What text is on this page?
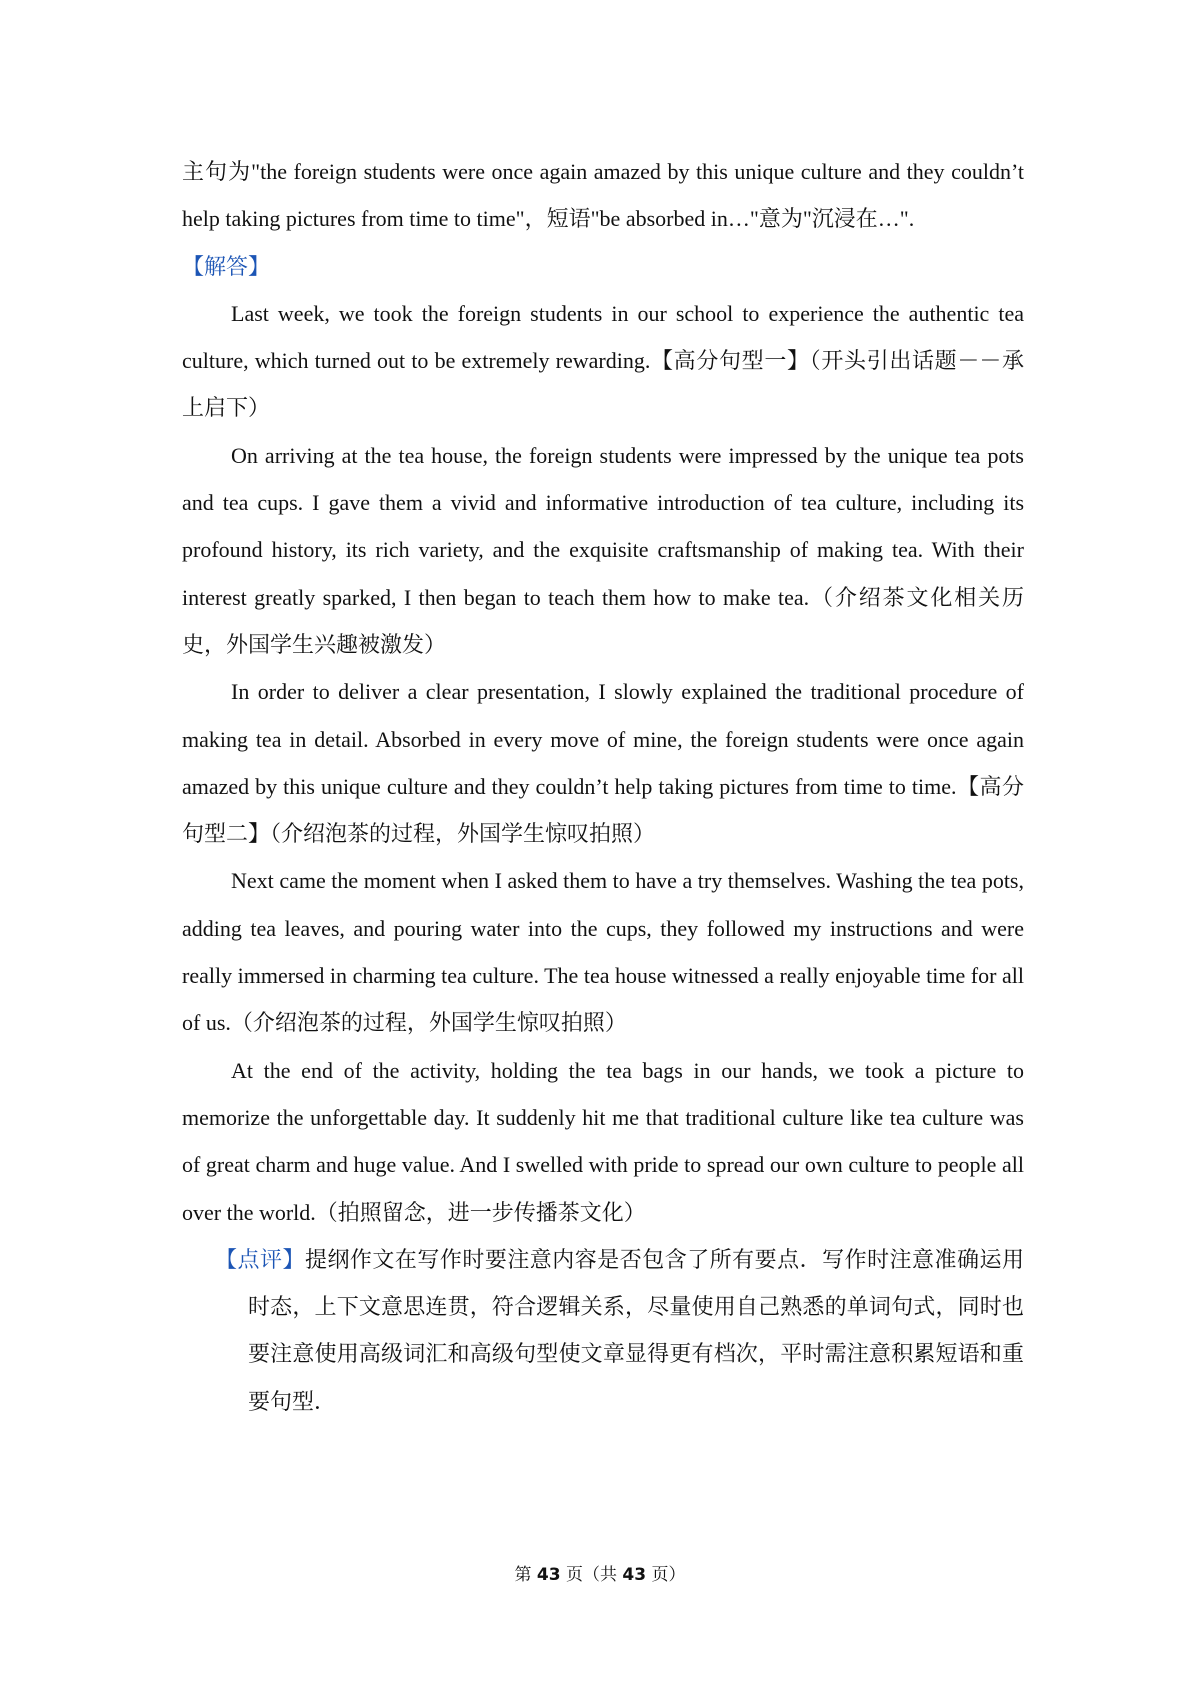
主句为"the foreign students were once again amazed by this unique culture and they couldn’t help taking pictures from time to time"，短语"be absorbed in…"意为"沉浸在…".

【解答】

Last week, we took the foreign students in our school to experience the authentic tea culture, which turned out to be extremely rewarding.【高分句型一】（开头引出话题－－承上启下）

On arriving at the tea house, the foreign students were impressed by the unique tea pots and tea cups. I gave them a vivid and informative introduction of tea culture, including its profound history, its rich variety, and the exquisite craftsmanship of making tea. With their interest greatly sparked, I then began to teach them how to make tea.（介绍茶文化相关历史，外国学生兴趣被激发）

In order to deliver a clear presentation, I slowly explained the traditional procedure of making tea in detail. Absorbed in every move of mine, the foreign students were once again amazed by this unique culture and they couldn’t help taking pictures from time to time.【高分句型二】（介绍泡茶的过程，外国学生惊叹拍照）

Next came the moment when I asked them to have a try themselves. Washing the tea pots, adding tea leaves, and pouring water into the cups, they followed my instructions and were really immersed in charming tea culture. The tea house witnessed a really enjoyable time for all of us.（介绍泡茶的过程，外国学生惊叹拍照）

At the end of the activity, holding the tea bags in our hands, we took a picture to memorize the unforgettable day. It suddenly hit me that traditional culture like tea culture was of great charm and huge value. And I swelled with pride to spread our own culture to people all over the world.（拍照留念，进一步传播茶文化）

【点评】提纲作文在写作时要注意内容是否包含了所有要点．写作时注意准确运用时态，上下文意思连贯，符合逻辑关系，尽量使用自己熟悉的单词句式，同时也要注意使用高级词汇和高级句型使文章显得更有档次，平时需注意积累短语和重要句型．

第 43 页（共 43 页）
